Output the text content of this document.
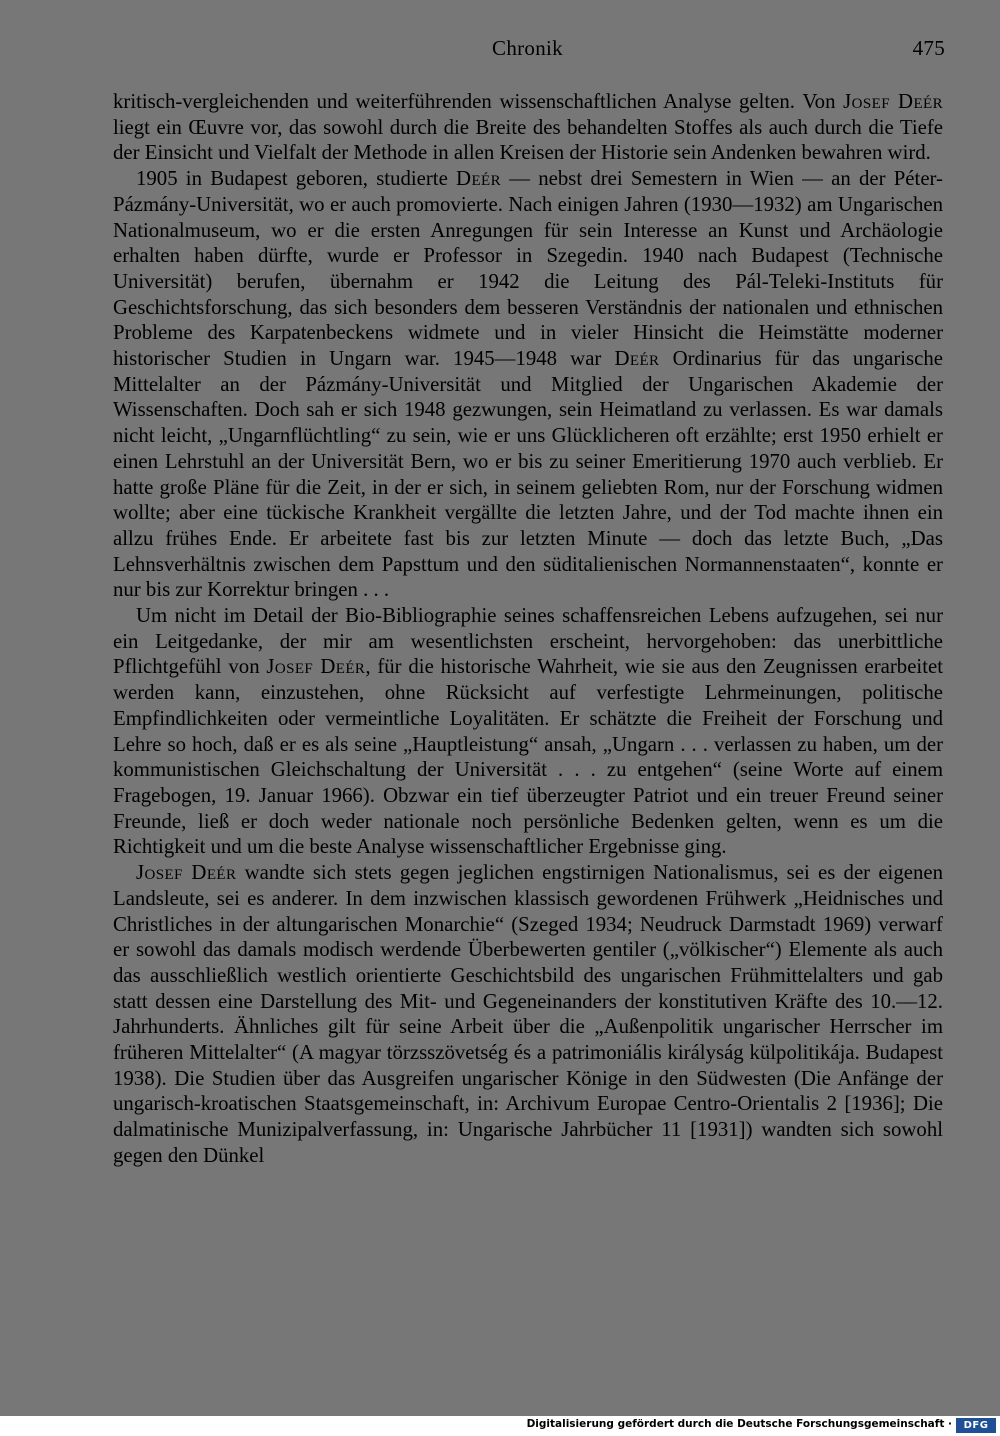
Chronik	475

kritisch-vergleichenden und weiterführenden wissenschaftlichen Analyse gelten. Von Josef Deér liegt ein Œuvre vor, das sowohl durch die Breite des behandelten Stoffes als auch durch die Tiefe der Einsicht und Vielfalt der Methode in allen Kreisen der Historie sein Andenken bewahren wird.

1905 in Budapest geboren, studierte Deér — nebst drei Semestern in Wien — an der Péter-Pázmány-Universität, wo er auch promovierte. Nach einigen Jahren (1930—1932) am Ungarischen Nationalmuseum, wo er die ersten Anregungen für sein Interesse an Kunst und Archäologie erhalten haben dürfte, wurde er Professor in Szegedin. 1940 nach Budapest (Technische Universität) berufen, übernahm er 1942 die Leitung des Pál-Teleki-Instituts für Geschichtsforschung, das sich besonders dem besseren Verständnis der nationalen und ethnischen Probleme des Karpatenbeckens widmete und in vieler Hinsicht die Heimstätte moderner historischer Studien in Ungarn war. 1945—1948 war Deér Ordinarius für das ungarische Mittelalter an der Pázmány-Universität und Mitglied der Ungarischen Akademie der Wissenschaften. Doch sah er sich 1948 gezwungen, sein Heimatland zu verlassen. Es war damals nicht leicht, „Ungarnflüchtling“ zu sein, wie er uns Glücklicheren oft erzählte; erst 1950 erhielt er einen Lehrstuhl an der Universität Bern, wo er bis zu seiner Emeritierung 1970 auch verblieb. Er hatte große Pläne für die Zeit, in der er sich, in seinem geliebten Rom, nur der Forschung widmen wollte; aber eine tückische Krankheit vergällte die letzten Jahre, und der Tod machte ihnen ein allzu frühes Ende. Er arbeitete fast bis zur letzten Minute — doch das letzte Buch, „Das Lehnsverhältnis zwischen dem Papsttum und den süditalienischen Normannenstaaten“, konnte er nur bis zur Korrektur bringen . . .

Um nicht im Detail der Bio-Bibliographie seines schaffensreichen Lebens aufzugehen, sei nur ein Leitgedanke, der mir am wesentlichsten erscheint, hervorgehoben: das unerbittliche Pflichtgefühl von Josef Deér, für die historische Wahrheit, wie sie aus den Zeugnissen erarbeitet werden kann, einzustehen, ohne Rücksicht auf verfestigte Lehrmeinungen, politische Empfindlichkeiten oder vermeintliche Loyalitäten. Er schätzte die Freiheit der Forschung und Lehre so hoch, daß er es als seine „Hauptleistung“ ansah, „Ungarn . . . verlassen zu haben, um der kommunistischen Gleichschaltung der Universität . . . zu entgehen“ (seine Worte auf einem Fragebogen, 19. Januar 1966). Obzwar ein tief überzeugter Patriot und ein treuer Freund seiner Freunde, ließ er doch weder nationale noch persönliche Bedenken gelten, wenn es um die Richtigkeit und um die beste Analyse wissenschaftlicher Ergebnisse ging.

Josef Deér wandte sich stets gegen jeglichen engstirnigen Nationalismus, sei es der eigenen Landsleute, sei es anderer. In dem inzwischen klassisch gewordenen Frühwerk „Heidnisches und Christliches in der altungarischen Monarchie“ (Szeged 1934; Neudruck Darmstadt 1969) verwarf er sowohl das damals modisch werdende Überbewerten gentiler („völkischer“) Elemente als auch das ausschließlich westlich orientierte Geschichtsbild des ungarischen Frühmittelalters und gab statt dessen eine Darstellung des Mit- und Gegeneinanders der konstitutiven Kräfte des 10.—12. Jahrhunderts. Ähnliches gilt für seine Arbeit über die „Außenpolitik ungarischer Herrscher im früheren Mittelalter“ (A magyar törzsszövetség és a patrimoniális királyság külpolitikája. Budapest 1938). Die Studien über das Ausgreifen ungarischer Könige in den Südwesten (Die Anfänge der ungarisch-kroatischen Staatsgemeinschaft, in: Archivum Europae Centro-Orientalis 2 [1936]; Die dalmatinische Munizipalverfassung, in: Ungarische Jahrbücher 11 [1931]) wandten sich sowohl gegen den Dünkel

Digitalisierung gefördert durch die Deutsche Forschungsgemeinschaft ·	DFG
